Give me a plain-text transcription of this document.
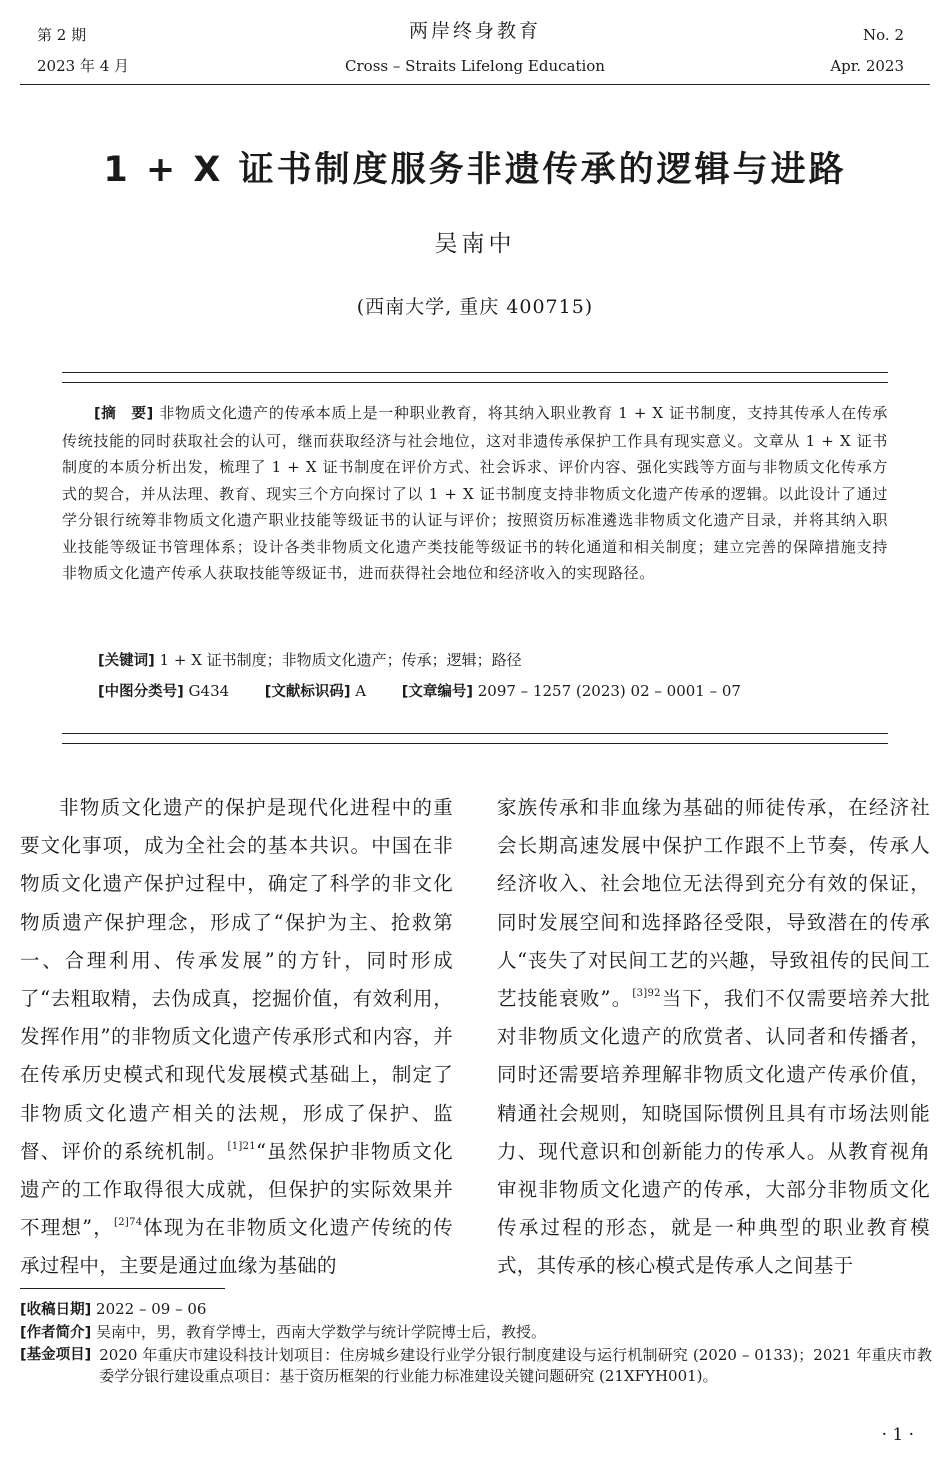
第 2 期
2023 年 4 月
两岸终身教育
Cross – Straits Lifelong Education
No. 2
Apr. 2023
1 + X 证书制度服务非遗传承的逻辑与进路
吴南中
(西南大学, 重庆 400715)
[摘　要] 非物质文化遗产的传承本质上是一种职业教育，将其纳入职业教育 1 + X 证书制度，支持其传承人在传承传统技能的同时获取社会的认可，继而获取经济与社会地位，这对非遗传承保护工作具有现实意义。文章从 1 + X 证书制度的本质分析出发，梳理了 1 + X 证书制度在评价方式、社会诉求、评价内容、强化实践等方面与非物质文化传承方式的契合，并从法理、教育、现实三个方向探讨了以 1 + X 证书制度支持非物质文化遗产传承的逻辑。以此设计了通过学分银行统筹非物质文化遗产职业技能等级证书的认证与评价；按照资历标准遴选非物质文化遗产目录，并将其纳入职业技能等级证书管理体系；设计各类非物质文化遗产类技能等级证书的转化通道和相关制度；建立完善的保障措施支持非物质文化遗产传承人获取技能等级证书，进而获得社会地位和经济收入的实现路径。
[关键词] 1 + X 证书制度；非物质文化遗产；传承；逻辑；路径
[中图分类号] G434 [文献标识码] A [文章编号] 2097 – 1257 (2023) 02 – 0001 – 07

非物质文化遗产的保护是现代化进程中的重要文化事项，成为全社会的基本共识。中国在非物质文化遗产保护过程中，确定了科学的非文化物质遗产保护理念，形成了“保护为主、抢救第一、合理利用、传承发展”的方针，同时形成了“去粗取精，去伪成真，挖掘价值，有效利用，发挥作用”的非物质文化遗产传承形式和内容，并在传承历史模式和现代发展模式基础上，制定了非物质文化遗产相关的法规，形成了保护、监督、评价的系统机制。$^{[1]21}$“虽然保护非物质文化遗产的工作取得很大成就，但保护的实际效果并不理想”，$^{[2]74}$体现为在非物质文化遗产传统的传承过程中，主要是通过血缘为基础的

家族传承和非血缘为基础的师徒传承，在经济社会长期高速发展中保护工作跟不上节奏，传承人经济收入、社会地位无法得到充分有效的保证，同时发展空间和选择路径受限，导致潜在的传承人“丧失了对民间工艺的兴趣，导致祖传的民间工艺技能衰败”。$^{[3]92}$当下，我们不仅需要培养大批对非物质文化遗产的欣赏者、认同者和传播者，同时还需要培养理解非物质文化遗产传承价值，精通社会规则，知晓国际惯例且具有市场法则能力、现代意识和创新能力的传承人。从教育视角审视非物质文化遗产的传承，大部分非物质文化传承过程的形态，就是一种典型的职业教育模式，其传承的核心模式是传承人之间基于

[收稿日期] 2022 – 09 – 06
[作者简介] 吴南中，男，教育学博士，西南大学数学与统计学院博士后，教授。
[基金项目] 2020 年重庆市建设科技计划项目：住房城乡建设行业学分银行制度建设与运行机制研究 (2020 – 0133)；2021 年重庆市教委学分银行建设重点项目：基于资历框架的行业能力标准建设关键问题研究 (21XFYH001)。
· 1 ·
